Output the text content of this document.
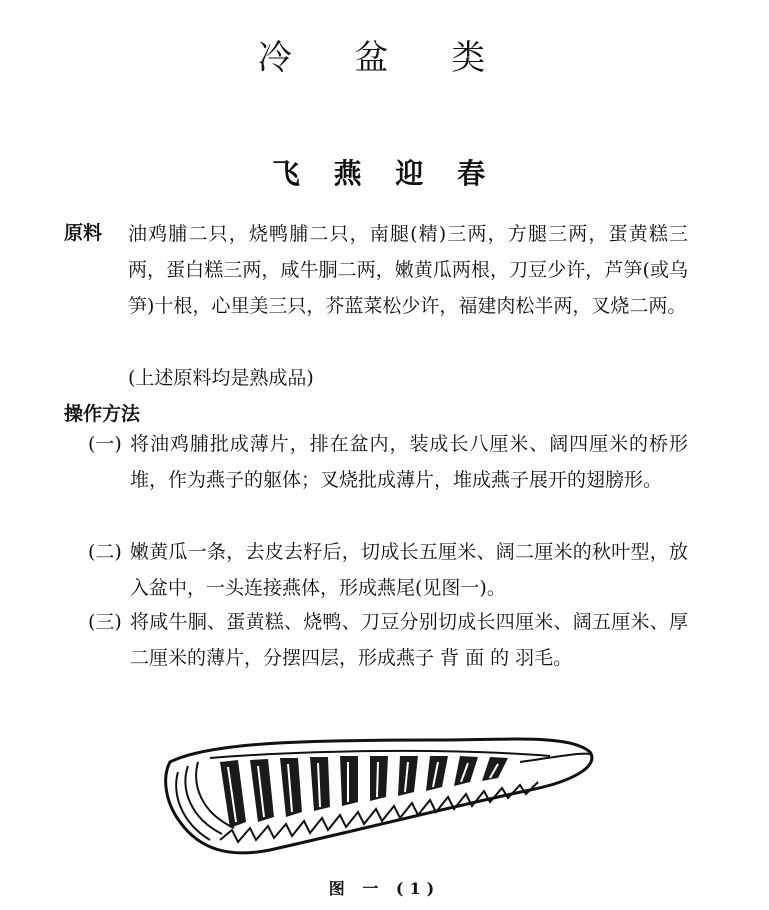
冷 盆 类
飞 燕 迎 春
原料 油鸡脯二只，烧鸭脯二只，南腿(精)三两，方腿三两，蛋黄糕三两，蛋白糕三两，咸牛胴二两，嫩黄瓜两根，刀豆少许，芦笋(或乌笋)十根，心里美三只，芥蓝菜松少许，福建肉松半两，叉烧二两。
(上述原料均是熟成品)
操作方法
(一) 将油鸡脯批成薄片，排在盆内，装成长八厘米、阔四厘米的桥形堆，作为燕子的躯体；叉烧批成薄片，堆成燕子展开的翅膀形。
(二) 嫩黄瓜一条，去皮去籽后，切成长五厘米、阔二厘米的秋叶型，放入盆中，一头连接燕体，形成燕尾(见图一)。
(三) 将咸牛胴、蛋黄糕、烧鸭、刀豆分别切成长四厘米、阔五厘米、厚二厘米的薄片，分摆四层，形成燕子 背 面 的 羽毛。
图 一 (1)
